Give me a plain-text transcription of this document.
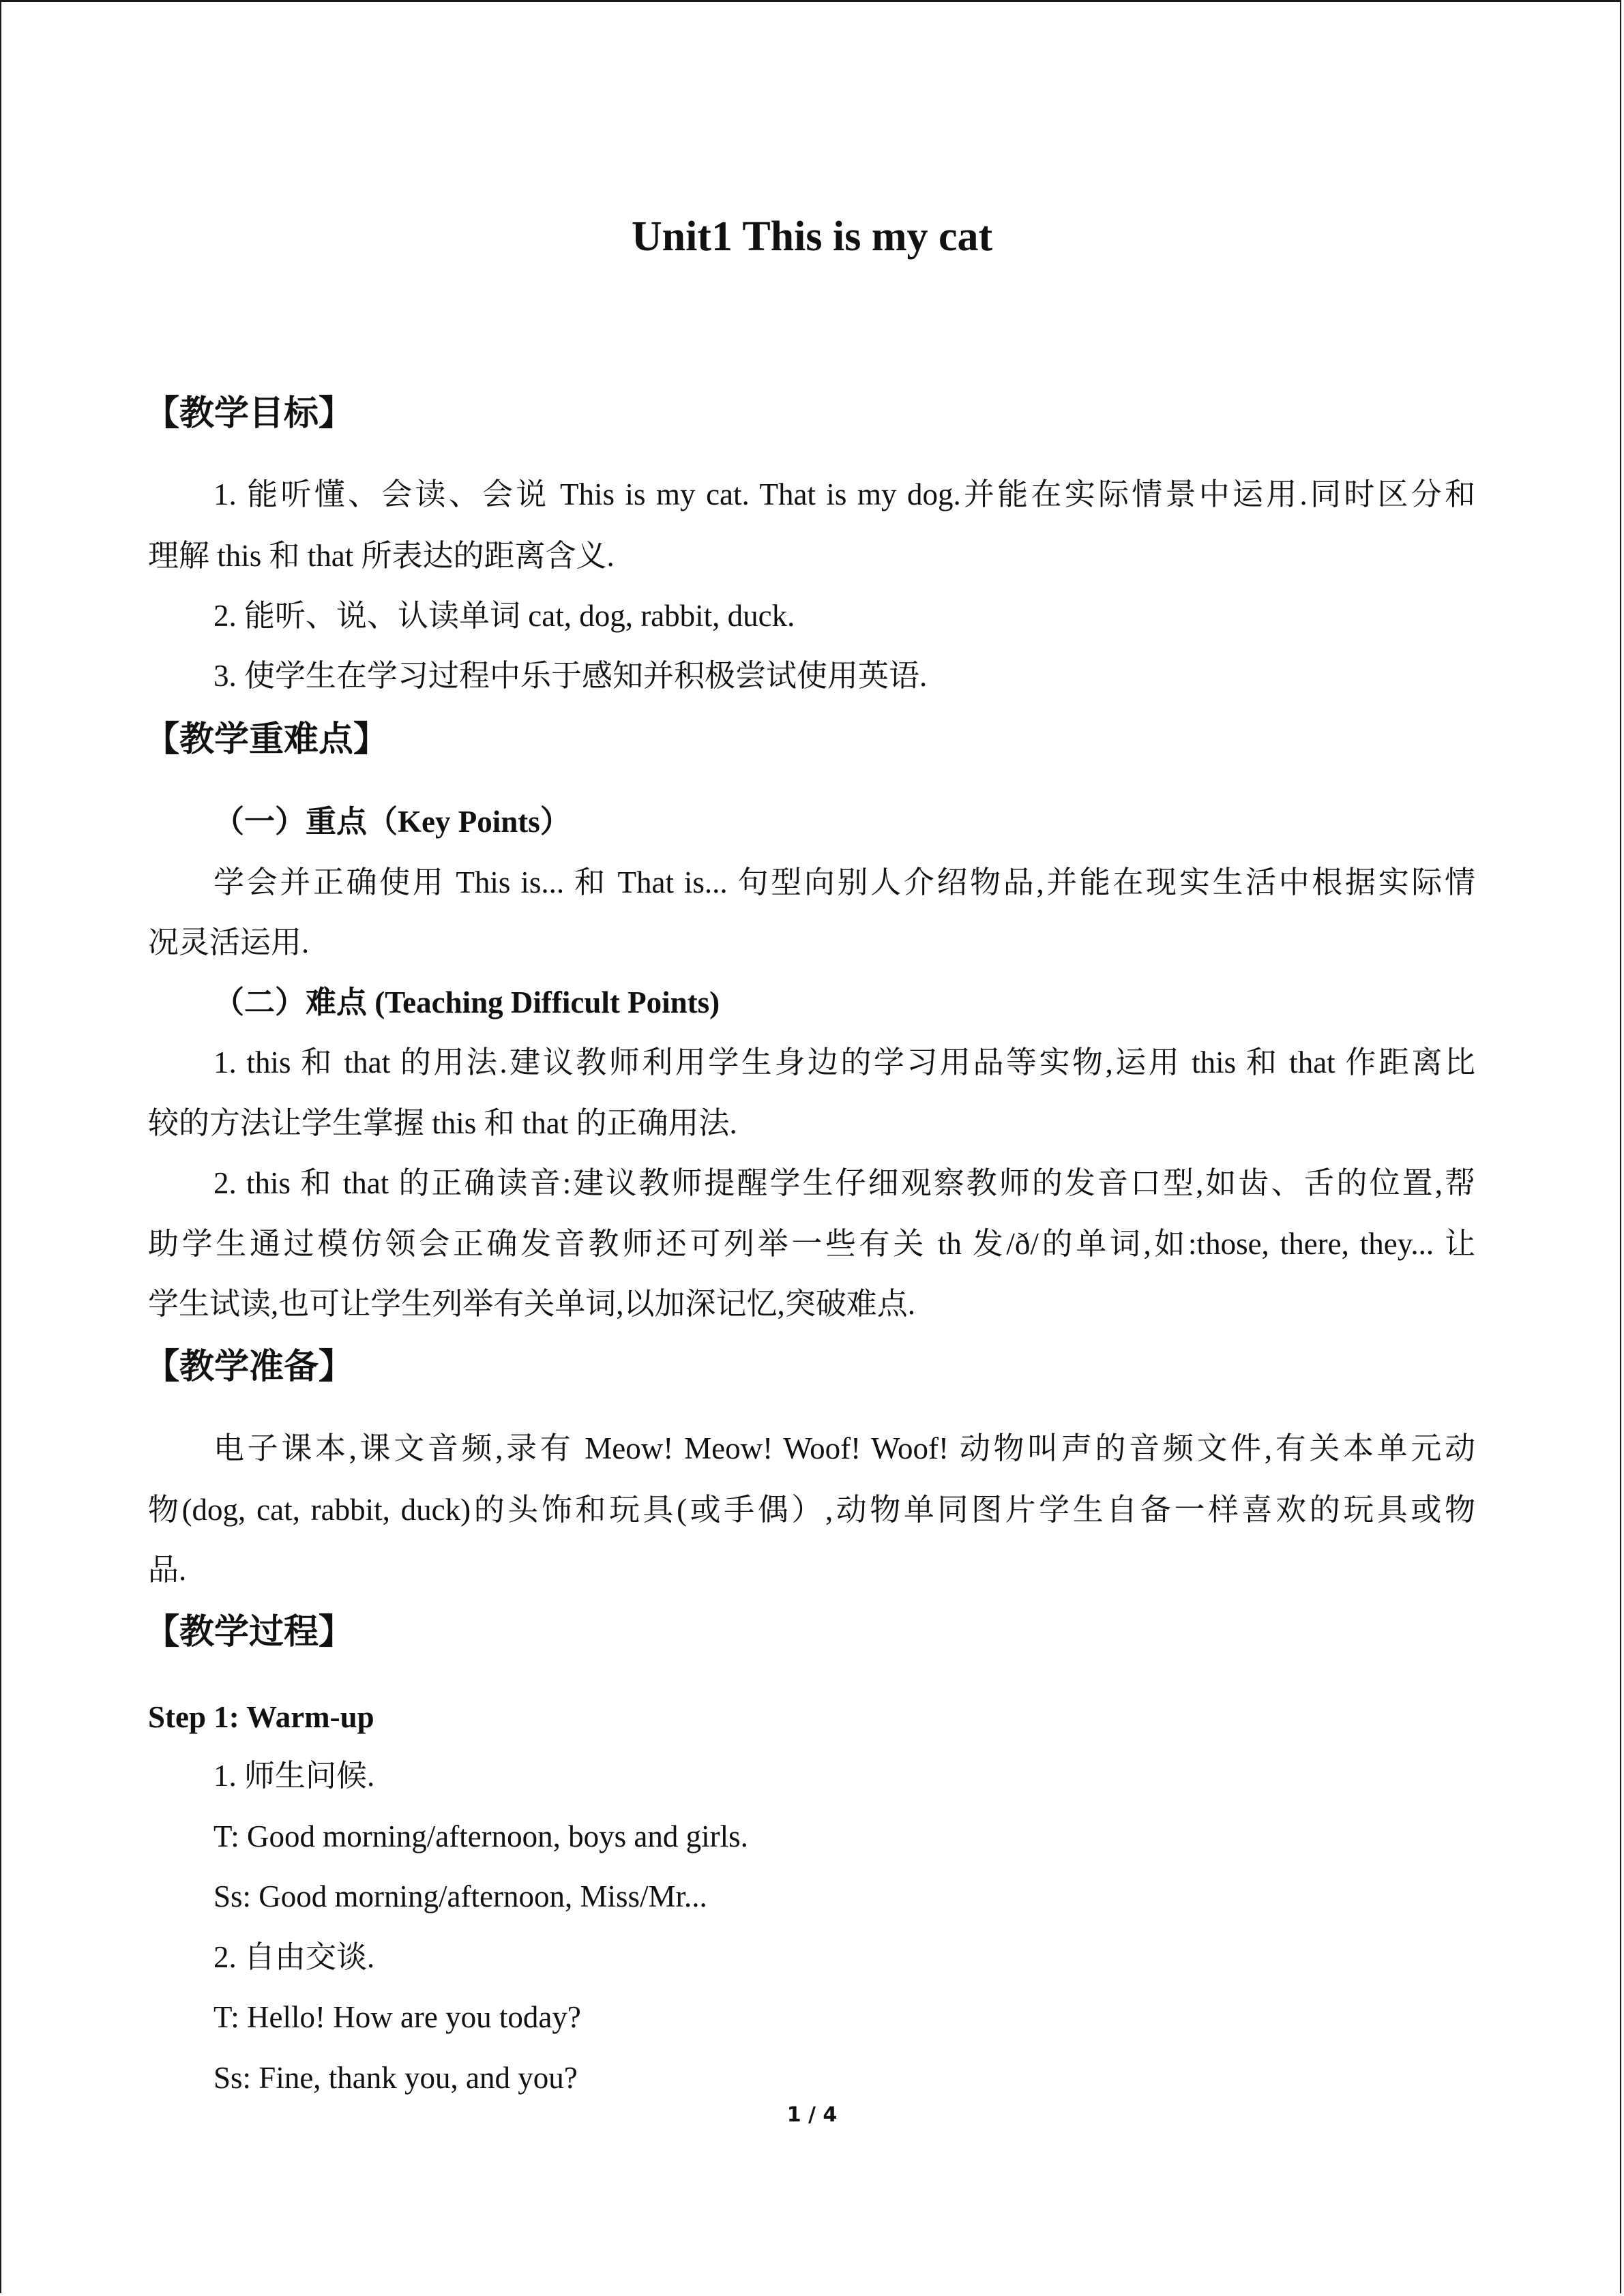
Unit1 This is my cat
【教学目标】
1. 能听懂、会读、会说 This is my cat. That is my dog.并能在实际情景中运用.同时区分和
理解 this 和 that 所表达的距离含义.
2. 能听、说、认读单词 cat, dog, rabbit, duck.
3. 使学生在学习过程中乐于感知并积极尝试使用英语.
【教学重难点】
（一）重点（Key Points）
学会并正确使用 This is... 和 That is... 句型向别人介绍物品,并能在现实生活中根据实际情
况灵活运用.
（二）难点 (Teaching Difficult Points)
1. this 和 that 的用法.建议教师利用学生身边的学习用品等实物,运用 this 和 that 作距离比
较的方法让学生掌握 this 和 that 的正确用法.
2. this 和 that 的正确读音:建议教师提醒学生仔细观察教师的发音口型,如齿、舌的位置,帮
助学生通过模仿领会正确发音教师还可列举一些有关 th 发/ð/的单词,如:those, there, they... 让
学生试读,也可让学生列举有关单词,以加深记忆,突破难点.
【教学准备】
电子课本,课文音频,录有 Meow! Meow! Woof! Woof! 动物叫声的音频文件,有关本单元动
物(dog, cat, rabbit, duck)的头饰和玩具(或手偶）,动物单同图片学生自备一样喜欢的玩具或物
品.
【教学过程】
Step 1: Warm-up
1. 师生问候.
T: Good morning/afternoon, boys and girls.
Ss: Good morning/afternoon, Miss/Mr...
2. 自由交谈.
T: Hello! How are you today?
Ss: Fine, thank you, and you?
1 / 4
